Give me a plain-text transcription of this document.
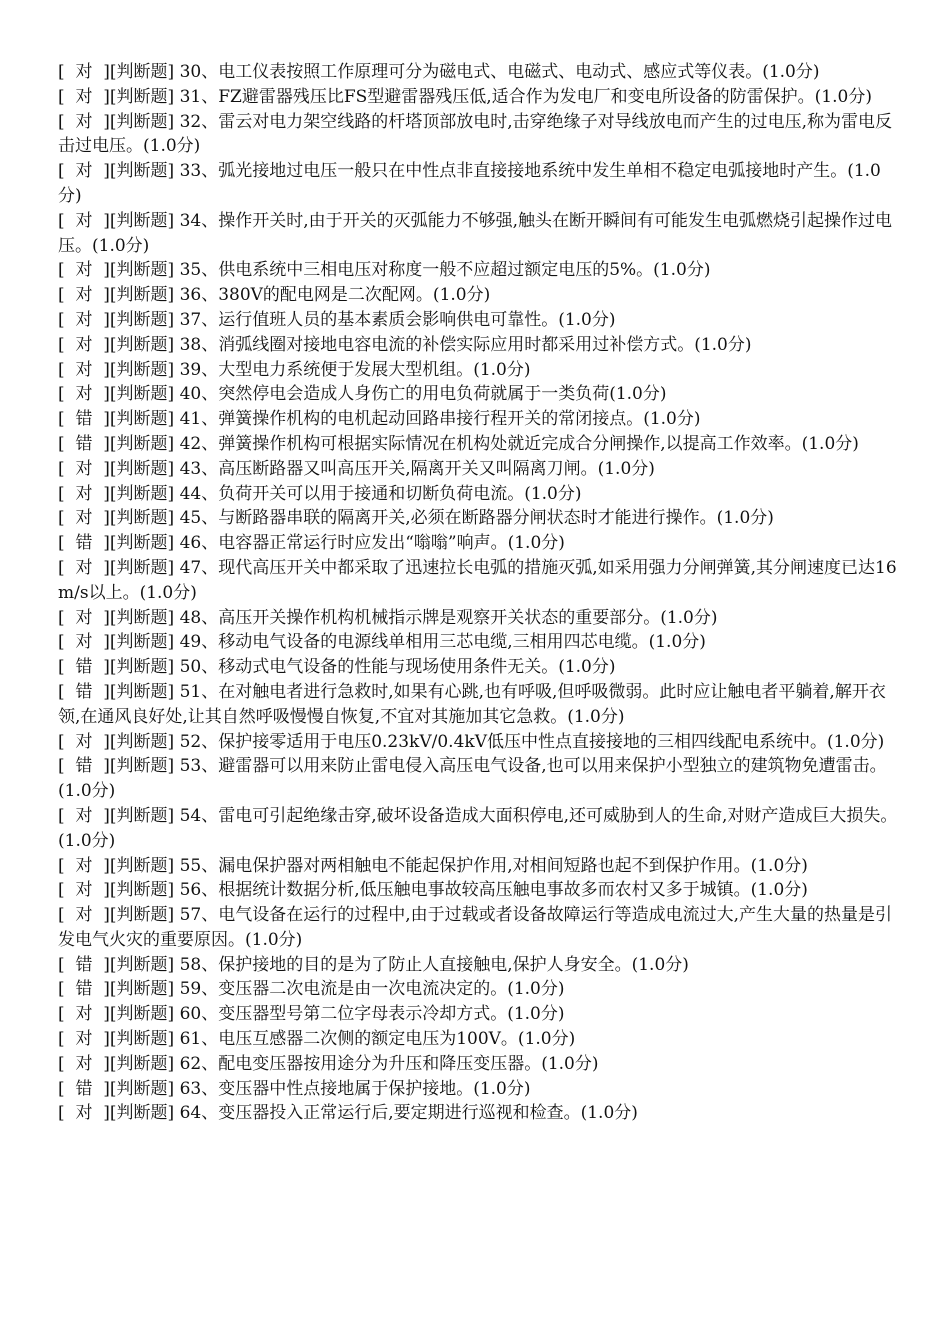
[  对  ][判断题] 30、电工仪表按照工作原理可分为磁电式、电磁式、电动式、感应式等仪表。(1.0分)

[  对  ][判断题] 31、FZ避雷器残压比FS型避雷器残压低,适合作为发电厂和变电所设备的防雷保护。(1.0分)

[  对  ][判断题] 32、雷云对电力架空线路的杆塔顶部放电时,击穿绝缘子对导线放电而产生的过电压,称为雷电反击过电压。(1.0分)

[  对  ][判断题] 33、弧光接地过电压一般只在中性点非直接接地系统中发生单相不稳定电弧接地时产生。(1.0分)

[  对  ][判断题] 34、操作开关时,由于开关的灭弧能力不够强,触头在断开瞬间有可能发生电弧燃烧引起操作过电压。(1.0分)

[  对  ][判断题] 35、供电系统中三相电压对称度一般不应超过额定电压的5%。(1.0分)

[  对  ][判断题] 36、380V的配电网是二次配网。(1.0分)

[  对  ][判断题] 37、运行值班人员的基本素质会影响供电可靠性。(1.0分)

[  对  ][判断题] 38、消弧线圈对接地电容电流的补偿实际应用时都采用过补偿方式。(1.0分)

[  对  ][判断题] 39、大型电力系统便于发展大型机组。(1.0分)

[  对  ][判断题] 40、突然停电会造成人身伤亡的用电负荷就属于一类负荷(1.0分)

[  错  ][判断题] 41、弹簧操作机构的电机起动回路串接行程开关的常闭接点。(1.0分)

[  错  ][判断题] 42、弹簧操作机构可根据实际情况在机构处就近完成合分闸操作,以提高工作效率。(1.0分)

[  对  ][判断题] 43、高压断路器又叫高压开关,隔离开关又叫隔离刀闸。(1.0分)

[  对  ][判断题] 44、负荷开关可以用于接通和切断负荷电流。(1.0分)

[  对  ][判断题] 45、与断路器串联的隔离开关,必须在断路器分闸状态时才能进行操作。(1.0分)

[  错  ][判断题] 46、电容器正常运行时应发出“嗡嗡”响声。(1.0分)

[  对  ][判断题] 47、现代高压开关中都采取了迅速拉长电弧的措施灭弧,如采用强力分闸弹簧,其分闸速度已达16m/s以上。(1.0分)

[  对  ][判断题] 48、高压开关操作机构机械指示牌是观察开关状态的重要部分。(1.0分)

[  对  ][判断题] 49、移动电气设备的电源线单相用三芯电缆,三相用四芯电缆。(1.0分)

[  错  ][判断题] 50、移动式电气设备的性能与现场使用条件无关。(1.0分)

[  错  ][判断题] 51、在对触电者进行急救时,如果有心跳,也有呼吸,但呼吸微弱。此时应让触电者平躺着,解开衣领,在通风良好处,让其自然呼吸慢慢自恢复,不宜对其施加其它急救。(1.0分)

[  对  ][判断题] 52、保护接零适用于电压0.23kV/0.4kV低压中性点直接接地的三相四线配电系统中。(1.0分)

[  错  ][判断题] 53、避雷器可以用来防止雷电侵入高压电气设备,也可以用来保护小型独立的建筑物免遭雷击。(1.0分)

[  对  ][判断题] 54、雷电可引起绝缘击穿,破坏设备造成大面积停电,还可威胁到人的生命,对财产造成巨大损失。(1.0分)

[  对  ][判断题] 55、漏电保护器对两相触电不能起保护作用,对相间短路也起不到保护作用。(1.0分)

[  对  ][判断题] 56、根据统计数据分析,低压触电事故较高压触电事故多而农村又多于城镇。(1.0分)

[  对  ][判断题] 57、电气设备在运行的过程中,由于过载或者设备故障运行等造成电流过大,产生大量的热量是引发电气火灾的重要原因。(1.0分)

[  错  ][判断题] 58、保护接地的目的是为了防止人直接触电,保护人身安全。(1.0分)

[  错  ][判断题] 59、变压器二次电流是由一次电流决定的。(1.0分)

[  对  ][判断题] 60、变压器型号第二位字母表示冷却方式。(1.0分)

[  对  ][判断题] 61、电压互感器二次侧的额定电压为100V。(1.0分)

[  对  ][判断题] 62、配电变压器按用途分为升压和降压变压器。(1.0分)

[  错  ][判断题] 63、变压器中性点接地属于保护接地。(1.0分)

[  对  ][判断题] 64、变压器投入正常运行后,要定期进行巡视和检查。(1.0分)
